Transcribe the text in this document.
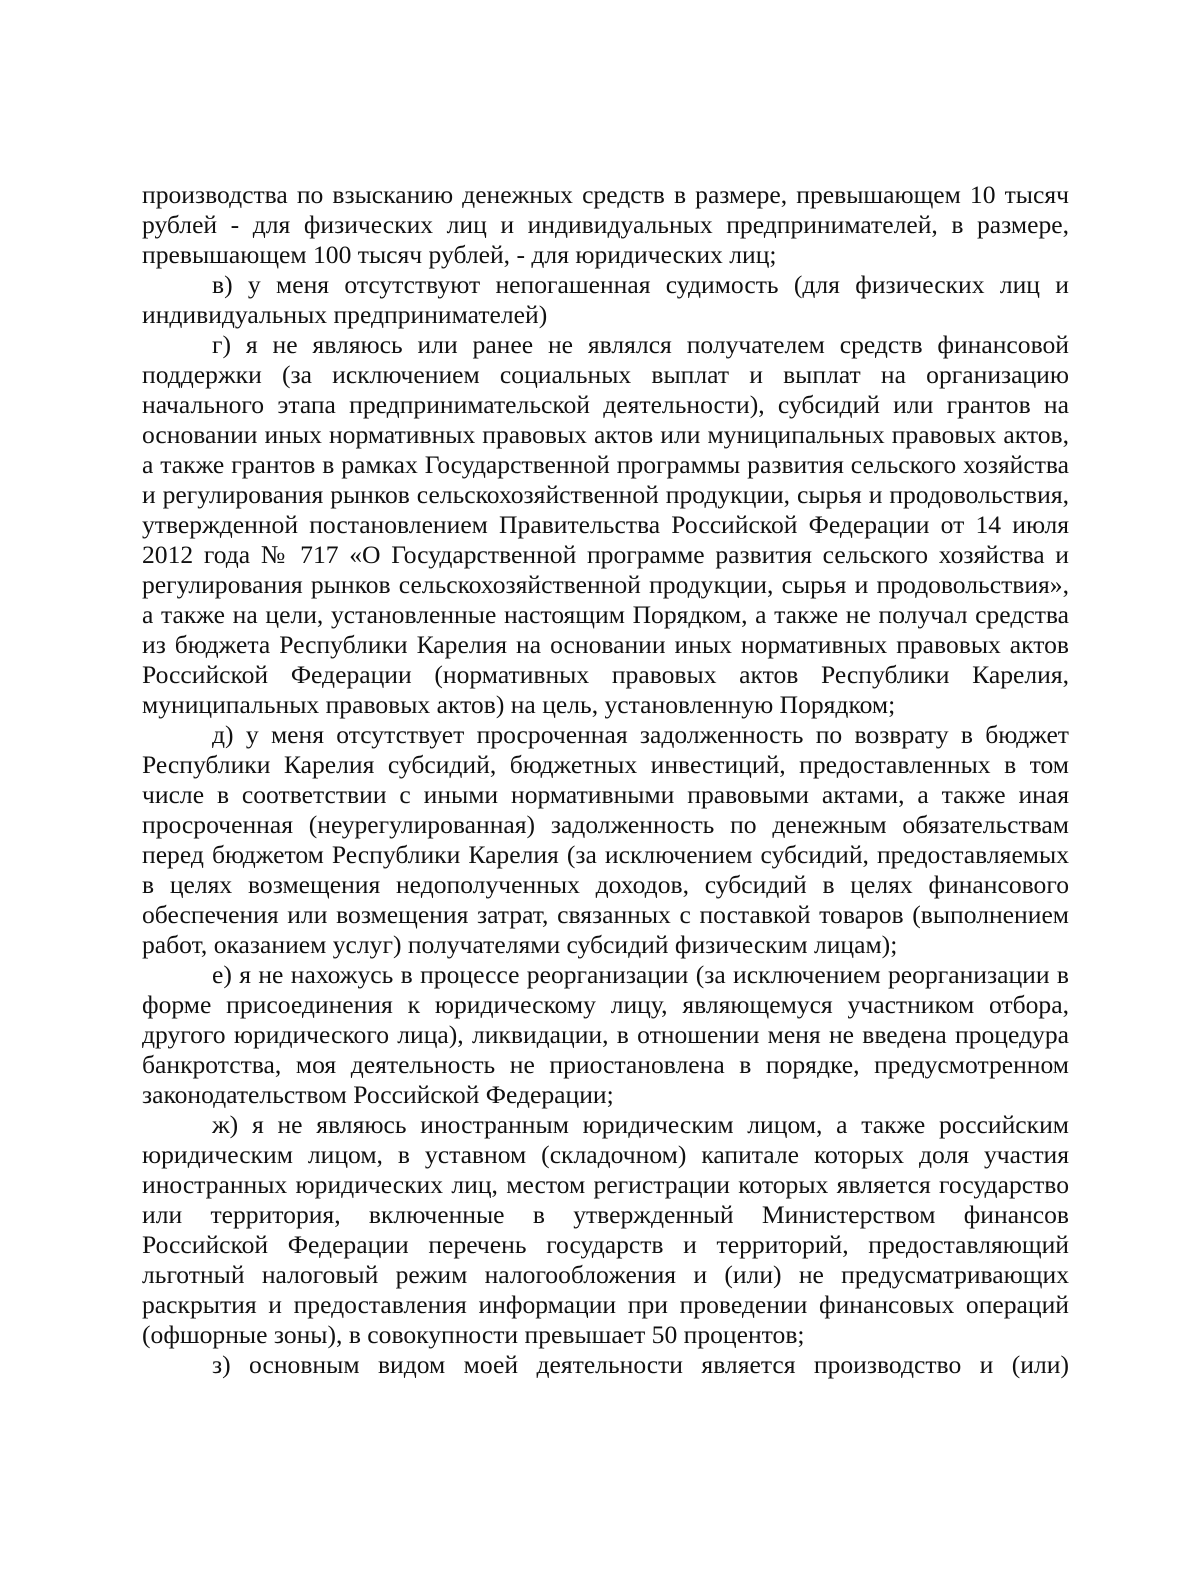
производства по взысканию денежных средств в размере, превышающем 10 тысяч рублей - для физических лиц и индивидуальных предпринимателей, в размере, превышающем 100 тысяч рублей, - для юридических лиц;

в) у меня отсутствуют непогашенная судимость (для физических лиц и индивидуальных предпринимателей)

г) я не являюсь или ранее не являлся получателем средств финансовой поддержки (за исключением социальных выплат и выплат на организацию начального этапа предпринимательской деятельности), субсидий или грантов на основании иных нормативных правовых актов или муниципальных правовых актов, а также грантов в рамках Государственной программы развития сельского хозяйства и регулирования рынков сельскохозяйственной продукции, сырья и продовольствия, утвержденной постановлением Правительства Российской Федерации от 14 июля 2012 года № 717 «О Государственной программе развития сельского хозяйства и регулирования рынков сельскохозяйственной продукции, сырья и продовольствия», а также на цели, установленные настоящим Порядком, а также не получал средства из бюджета Республики Карелия на основании иных нормативных правовых актов Российской Федерации (нормативных правовых актов Республики Карелия, муниципальных правовых актов) на цель, установленную Порядком;

д) у меня отсутствует просроченная задолженность по возврату в бюджет Республики Карелия субсидий, бюджетных инвестиций, предоставленных в том числе в соответствии с иными нормативными правовыми актами, а также иная просроченная (неурегулированная) задолженность по денежным обязательствам перед бюджетом Республики Карелия (за исключением субсидий, предоставляемых в целях возмещения недополученных доходов, субсидий в целях финансового обеспечения или возмещения затрат, связанных с поставкой товаров (выполнением работ, оказанием услуг) получателями субсидий физическим лицам);

е) я не нахожусь в процессе реорганизации (за исключением реорганизации в форме присоединения к юридическому лицу, являющемуся участником отбора, другого юридического лица), ликвидации, в отношении меня не введена процедура банкротства, моя деятельность не приостановлена в порядке, предусмотренном законодательством Российской Федерации;

ж) я не являюсь иностранным юридическим лицом, а также российским юридическим лицом, в уставном (складочном) капитале которых доля участия иностранных юридических лиц, местом регистрации которых является государство или территория, включенные в утвержденный Министерством финансов Российской Федерации перечень государств и территорий, предоставляющий льготный налоговый режим налогообложения и (или) не предусматривающих раскрытия и предоставления информации при проведении финансовых операций (офшорные зоны), в совокупности превышает 50 процентов;

з) основным видом моей деятельности является производство и (или)
